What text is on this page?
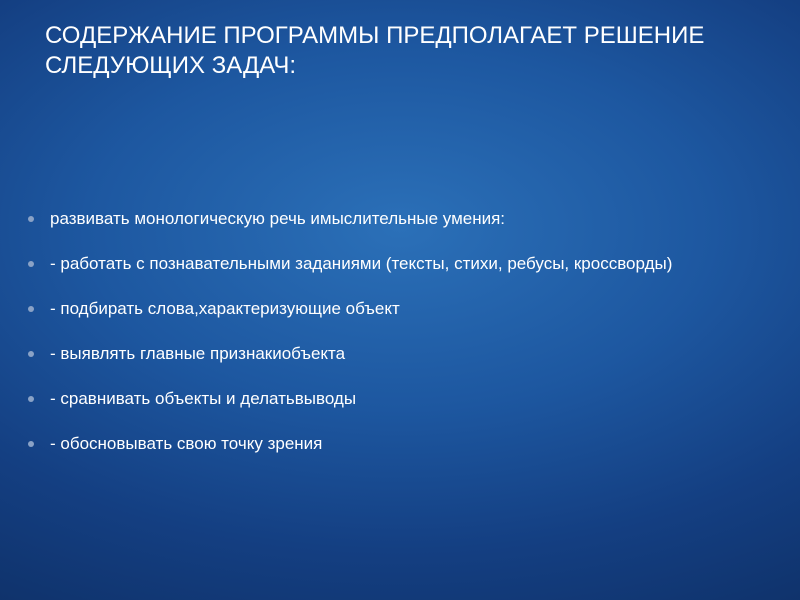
СОДЕРЖАНИЕ ПРОГРАММЫ ПРЕДПОЛАГАЕТ РЕШЕНИЕ
СЛЕДУЮЩИХ ЗАДАЧ:
развивать монологическую речь имыслительные умения:
- работать с познавательными заданиями (тексты, стихи, ребусы, кроссворды)
- подбирать слова,характеризующие объект
- выявлять главные признакиобъекта
- сравнивать объекты и делатьвыводы
- обосновывать свою точку зрения
